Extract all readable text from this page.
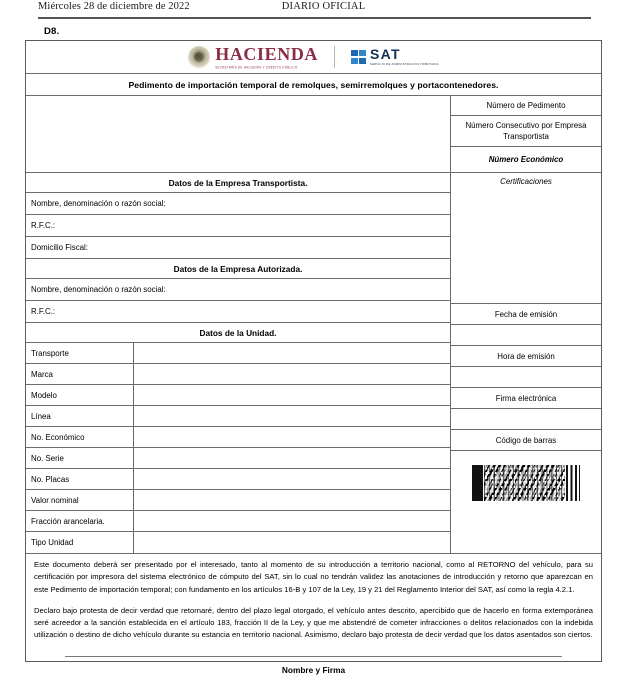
Miércoles 28 de diciembre de 2022	DIARIO OFICIAL
D8.
HACIENDA
SECRETARÍA DE HACIENDA Y CRÉDITO PÚBLICO
SAT
SERVICIO DE ADMINISTRACIÓN TRIBUTARIA
Pedimento de importación temporal de remolques, semirremolques y portacontenedores.
Datos de la Empresa Transportista.
Nombre, denominación o razón social:
R.F.C.:
Domicilio Fiscal:
Datos de la Empresa Autorizada.
Nombre, denominación o razón social:
R.F.C.:
Datos de la Unidad.
Transporte
Marca
Modelo
Línea
No. Económico
No. Serie
No. Placas
Valor nominal
Fracción arancelaria.
Tipo Unidad
Número de Pedimento
Número Consecutivo por Empresa Transportista
Número Económico
Certificaciones
Fecha de emisión
Hora de emisión
Firma electrónica
Código de barras

Este documento deberá ser presentado por el interesado, tanto al momento de su introducción a territorio nacional, como al RETORNO del vehículo, para su certificación por impresora del sistema electrónico de cómputo del SAT, sin lo cual no tendrán validez las anotaciones de introducción y retorno que aparezcan en este Pedimento de importación temporal; con fundamento en los artículos 16-B y 107 de la Ley, 19 y 21 del Reglamento Interior del SAT, así como la regla 4.2.1.

Declaro bajo protesta de decir verdad que retornaré, dentro del plazo legal otorgado, el vehículo antes descrito, apercibido que de hacerlo en forma extemporánea seré acreedor a la sanción establecida en el artículo 183, fracción II de la Ley, y que me abstendré de cometer infracciones o delitos relacionados con la indebida utilización o destino de dicho vehículo durante su estancia en territorio nacional. Asimismo, declaro bajo protesta de decir verdad que los datos asentados son ciertos.

Nombre y Firma
